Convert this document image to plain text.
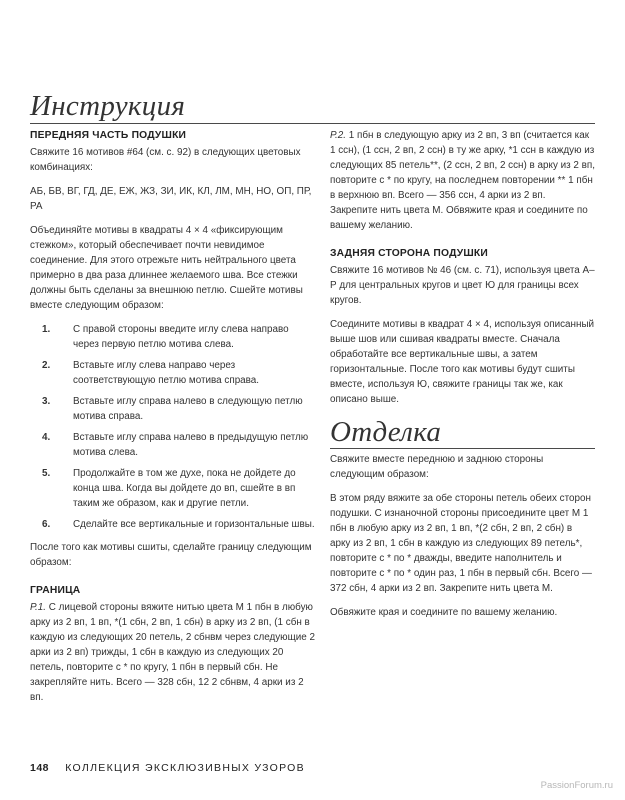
Инструкция
ПЕРЕДНЯЯ ЧАСТЬ ПОДУШКИ

Свяжите 16 мотивов #64 (см. с. 92) в следующих цветовых комбинациях:

АБ, БВ, ВГ, ГД, ДЕ, ЕЖ, ЖЗ, ЗИ, ИК, КЛ, ЛМ, МН, НО, ОП, ПР, РА

Объединяйте мотивы в квадраты 4 × 4 «фиксирующим стежком», который обеспечивает почти невидимое соединение. Для этого отрежьте нить нейтрального цвета примерно в два раза длиннее желаемого шва. Все стежки должны быть сделаны за внешнюю петлю. Сшейте мотивы вместе следующим образом:

1.	С правой стороны введите иглу слева направо через первую петлю мотива слева.
2.	Вставьте иглу слева направо через соответствующую петлю мотива справа.
3.	Вставьте иглу справа налево в следующую петлю мотива справа.
4.	Вставьте иглу справа налево в предыдущую петлю мотива слева.
5.	Продолжайте в том же духе, пока не дойдете до конца шва. Когда вы дойдете до вп, сшейте в вп таким же образом, как и другие петли.
6.	Сделайте все вертикальные и горизонтальные швы.

После того как мотивы сшиты, сделайте границу следующим образом:

ГРАНИЦА

Р.1. С лицевой стороны вяжите нитью цвета М 1 пбн в любую арку из 2 вп, 1 вп, *(1 сбн, 2 вп, 1 сбн) в арку из 2 вп, (1 сбн в каждую из следующих 20 петель, 2 сбнвм через следующие 2 арки из 2 вп) трижды, 1 сбн в каждую из следующих 20 петель, повторите с * по кругу, 1 пбн в первый сбн. Не закрепляйте нить. Всего — 328 сбн, 12 2 сбнвм, 4 арки из 2 вп.

Р.2. 1 пбн в следующую арку из 2 вп, 3 вп (считается как 1 ссн), (1 ссн, 2 вп, 2 ссн) в ту же арку, *1 ссн в каждую из следующих 85 петель**, (2 ссн, 2 вп, 2 ссн) в арку из 2 вп, повторите с * по кругу, на последнем повторении ** 1 пбн в верхнюю вп. Всего — 356 ссн, 4 арки из 2 вп. Закрепите нить цвета М. Обвяжите края и соедините по вашему желанию.

ЗАДНЯЯ СТОРОНА ПОДУШКИ

Свяжите 16 мотивов № 46 (см. с. 71), используя цвета А–Р для центральных кругов и цвет Ю для границы всех кругов.

Соедините мотивы в квадрат 4 × 4, используя описанный выше шов или сшивая квадраты вместе. Сначала обработайте все вертикальные швы, а затем горизонтальные. После того как мотивы будут сшиты вместе, используя Ю, свяжите границы так же, как описано выше.

Отделка

Свяжите вместе переднюю и заднюю стороны следующим образом:

В этом ряду вяжите за обе стороны петель обеих сторон подушки. С изнаночной стороны присоедините цвет М 1 пбн в любую арку из 2 вп, 1 вп, *(2 сбн, 2 вп, 2 сбн) в арку из 2 вп, 1 сбн в каждую из следующих 89 петель*, повторите с * по * дважды, введите наполнитель и повторите с * по * один раз, 1 пбн в первый сбн. Всего — 372 сбн, 4 арки из 2 вп. Закрепите нить цвета М.

Обвяжите края и соедините по вашему желанию.

148 КОЛЛЕКЦИЯ ЭКСКЛЮЗИВНЫХ УЗОРОВ
PassionForum.ru
